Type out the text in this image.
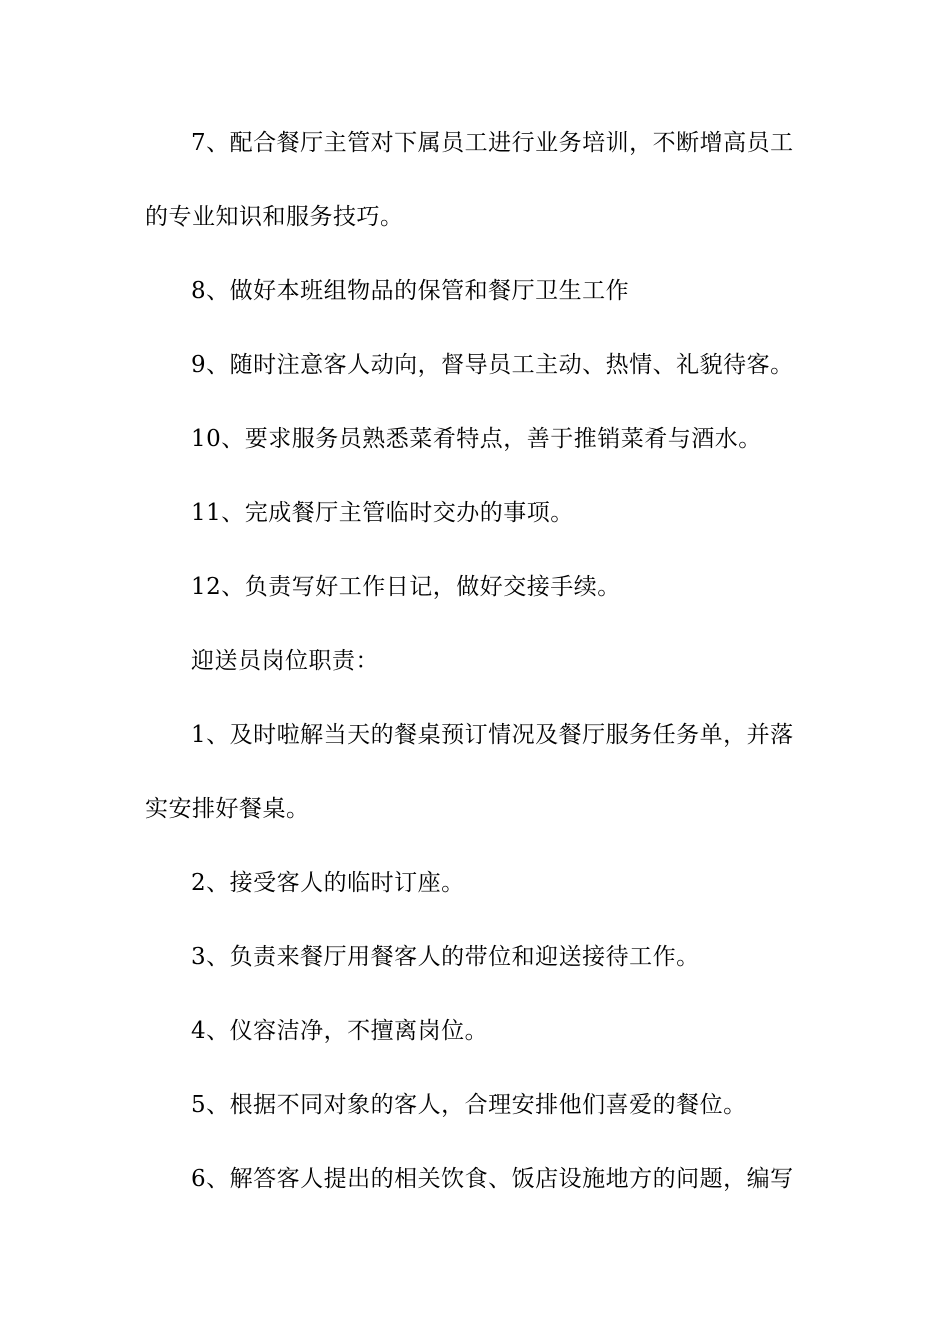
7、配合餐厅主管对下属员工进行业务培训，不断增高员工
的专业知识和服务技巧。
8、做好本班组物品的保管和餐厅卫生工作
9、随时注意客人动向，督导员工主动、热情、礼貌待客。
10、要求服务员熟悉菜肴特点，善于推销菜肴与酒水。
11、完成餐厅主管临时交办的事项。
12、负责写好工作日记，做好交接手续。
迎送员岗位职责：
1、及时啦解当天的餐桌预订情况及餐厅服务任务单，并落
实安排好餐桌。
2、接受客人的临时订座。
3、负责来餐厅用餐客人的带位和迎送接待工作。
4、仪容洁净，不擅离岗位。
5、根据不同对象的客人，合理安排他们喜爱的餐位。
6、解答客人提出的相关饮食、饭店设施地方的问题，编写
